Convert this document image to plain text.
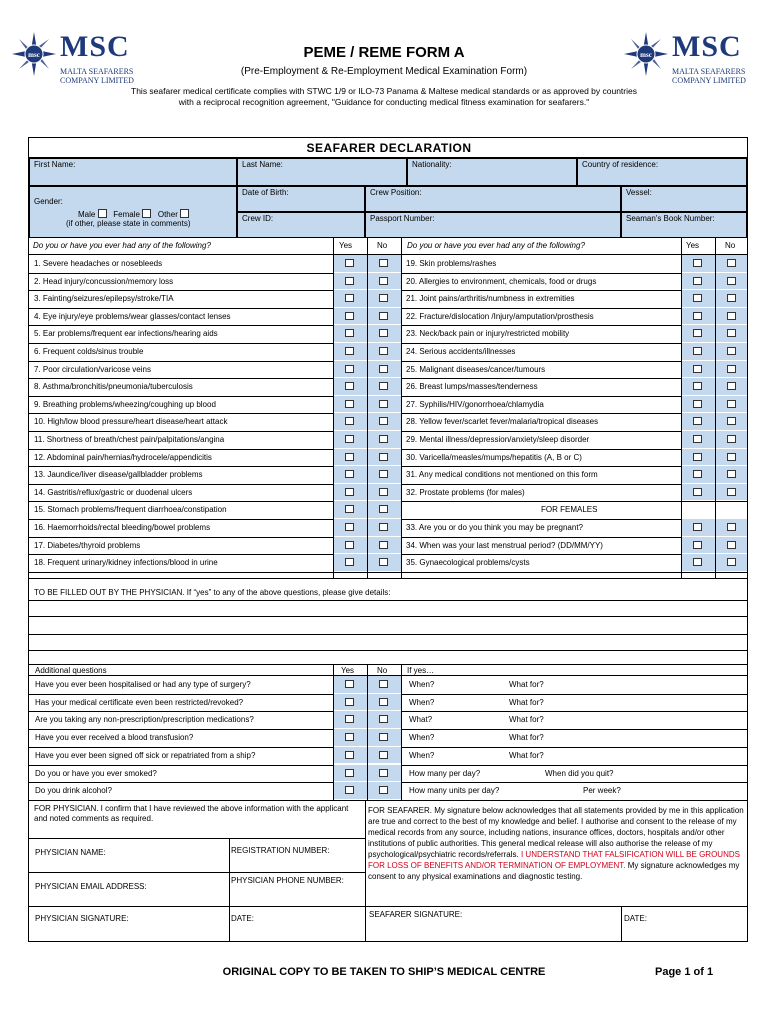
msc MSC
MALTA SEAFARERS
COMPANY LIMITED
msc MSC
MALTA SEAFARERS
COMPANY LIMITED
PEME / REME FORM A
(Pre-Employment & Re-Employment Medical Examination Form)
This seafarer medical certificate complies with STWC 1/9 or ILO-73 Panama & Maltese medical standards or as approved by countries with a reciprocal recognition agreement, "Guidance for conducting medical fitness examination for seafarers."
SEAFARER DECLARATION
First Name:	Last Name:	Nationality:	Country of residence:
Gender:
Male Female Other
(if other, please state in comments)
Date of Birth:	Crew Position:	Vessel:
Crew ID:	Passport Number:	Seaman's Book Number:
Do you or have you ever had any of the following?	Yes	No Do you or have you ever had any of the following?	Yes	No
1. Severe headaches or nosebleeds	19. Skin problems/rashes
2. Head injury/concussion/memory loss	20. Allergies to environment, chemicals, food or drugs
3. Fainting/seizures/epilepsy/stroke/TIA	21. Joint pains/arthritis/numbness in extremities
4. Eye injury/eye problems/wear glasses/contact lenses	22. Fracture/dislocation /Injury/amputation/prosthesis
5. Ear problems/frequent ear infections/hearing aids	23. Neck/back pain or injury/restricted mobility
6. Frequent colds/sinus trouble	24. Serious accidents/illnesses
7. Poor circulation/varicose veins	25. Malignant diseases/cancer/tumours
8. Asthma/bronchitis/pneumonia/tuberculosis	26. Breast lumps/masses/tenderness
9. Breathing problems/wheezing/coughing up blood	27. Syphilis/HIV/gonorrhoea/chlamydia
10. High/low blood pressure/heart disease/heart attack	28. Yellow fever/scarlet fever/malaria/tropical diseases
11. Shortness of breath/chest pain/palpitations/angina	29. Mental illness/depression/anxiety/sleep disorder
12. Abdominal pain/hernias/hydrocele/appendicitis	30. Varicella/measles/mumps/hepatitis (A, B or C)
13. Jaundice/liver disease/gallbladder problems	31. Any medical conditions not mentioned on this form
14. Gastritis/reflux/gastric or duodenal ulcers	32. Prostate problems (for males)
15. Stomach problems/frequent diarrhoea/constipation	FOR FEMALES
16. Haemorrhoids/rectal bleeding/bowel problems	33. Are you or do you think you may be pregnant?
17. Diabetes/thyroid problems	34. When was your last menstrual period? (DD/MM/YY)
18. Frequent urinary/kidney infections/blood in urine	35. Gynaecological problems/cysts
TO BE FILLED OUT BY THE PHYSICIAN. If “yes” to any of the above questions, please give details:
Additional questions	Yes	No If yes…
Have you ever been hospitalised or had any type of surgery?	When?	What for?
Has your medical certificate even been restricted/revoked?	When?	What for?
Are you taking any non-prescription/prescription medications?	What?	What for?
Have you ever received a blood transfusion?	When?	What for?
Have you ever been signed off sick or repatriated from a ship?	When?	What for?
Do you or have you ever smoked?	How many per day?	When did you quit?
Do you drink alcohol?	How many units per day?	Per week?
FOR PHYSICIAN. I confirm that I have reviewed the above information with the applicant and noted comments as required.
FOR SEAFARER. My signature below acknowledges that all statements provided by me in this application are true and correct to the best of my knowledge and belief. I authorise and consent to the release of my medical records from any source, including nations, insurance offices, doctors, hospitals and/or other institutions of public authorities. This general medical release will also authorise the release of my psychological/psychiatric records/referrals. I UNDERSTAND THAT FALSIFICATION WILL BE GROUNDS FOR LOSS OF BENEFITS AND/OR TERMINATION OF EMPLOYMENT. My signature acknowledges my consent to any physical examinations and diagnostic testing.
PHYSICIAN NAME:	REGISTRATION NUMBER:
PHYSICIAN EMAIL ADDRESS:
PHYSICIAN PHONE NUMBER:
PHYSICIAN SIGNATURE:	DATE:	SEAFARER SIGNATURE:	DATE:
ORIGINAL COPY TO BE TAKEN TO SHIP’S MEDICAL CENTRE	Page 1 of 1
